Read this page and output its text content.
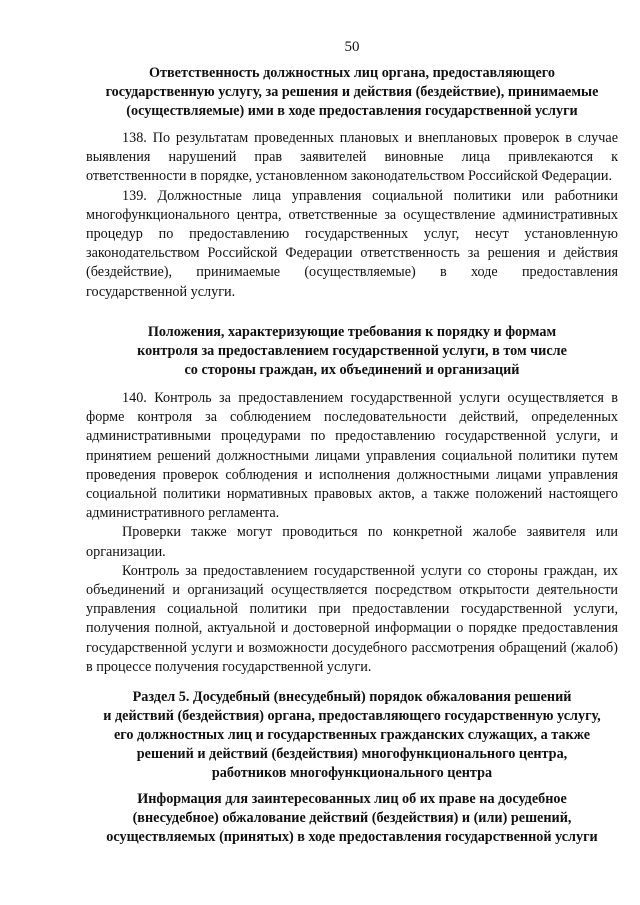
50
Ответственность должностных лиц органа, предоставляющего
государственную услугу, за решения и действия (бездействие), принимаемые
(осуществляемые) ими в ходе предоставления государственной услуги

138. По результатам проведенных плановых и внеплановых проверок в случае выявления нарушений прав заявителей виновные лица привлекаются к ответственности в порядке, установленном законодательством Российской Федерации.

139. Должностные лица управления социальной политики или работники многофункционального центра, ответственные за осуществление административных процедур по предоставлению государственных услуг, несут установленную законодательством Российской Федерации ответственность за решения и действия (бездействие), принимаемые (осуществляемые) в ходе предоставления государственной услуги.

Положения, характеризующие требования к порядку и формам
контроля за предоставлением государственной услуги, в том числе
со стороны граждан, их объединений и организаций

140. Контроль за предоставлением государственной услуги осуществляется в форме контроля за соблюдением последовательности действий, определенных административными процедурами по предоставлению государственной услуги, и принятием решений должностными лицами управления социальной политики путем проведения проверок соблюдения и исполнения должностными лицами управления социальной политики нормативных правовых актов, а также положений настоящего административного регламента.

Проверки также могут проводиться по конкретной жалобе заявителя или организации.

Контроль за предоставлением государственной услуги со стороны граждан, их объединений и организаций осуществляется посредством открытости деятельности управления социальной политики при предоставлении государственной услуги, получения полной, актуальной и достоверной информации о порядке предоставления государственной услуги и возможности досудебного рассмотрения обращений (жалоб) в процессе получения государственной услуги.

Раздел 5. Досудебный (внесудебный) порядок обжалования решений
и действий (бездействия) органа, предоставляющего государственную услугу,
его должностных лиц и государственных гражданских служащих, а также
решений и действий (бездействия) многофункционального центра,
работников многофункционального центра
Информация для заинтересованных лиц об их праве на досудебное
(внесудебное) обжалование действий (бездействия) и (или) решений,
осуществляемых (принятых) в ходе предоставления государственной услуги
